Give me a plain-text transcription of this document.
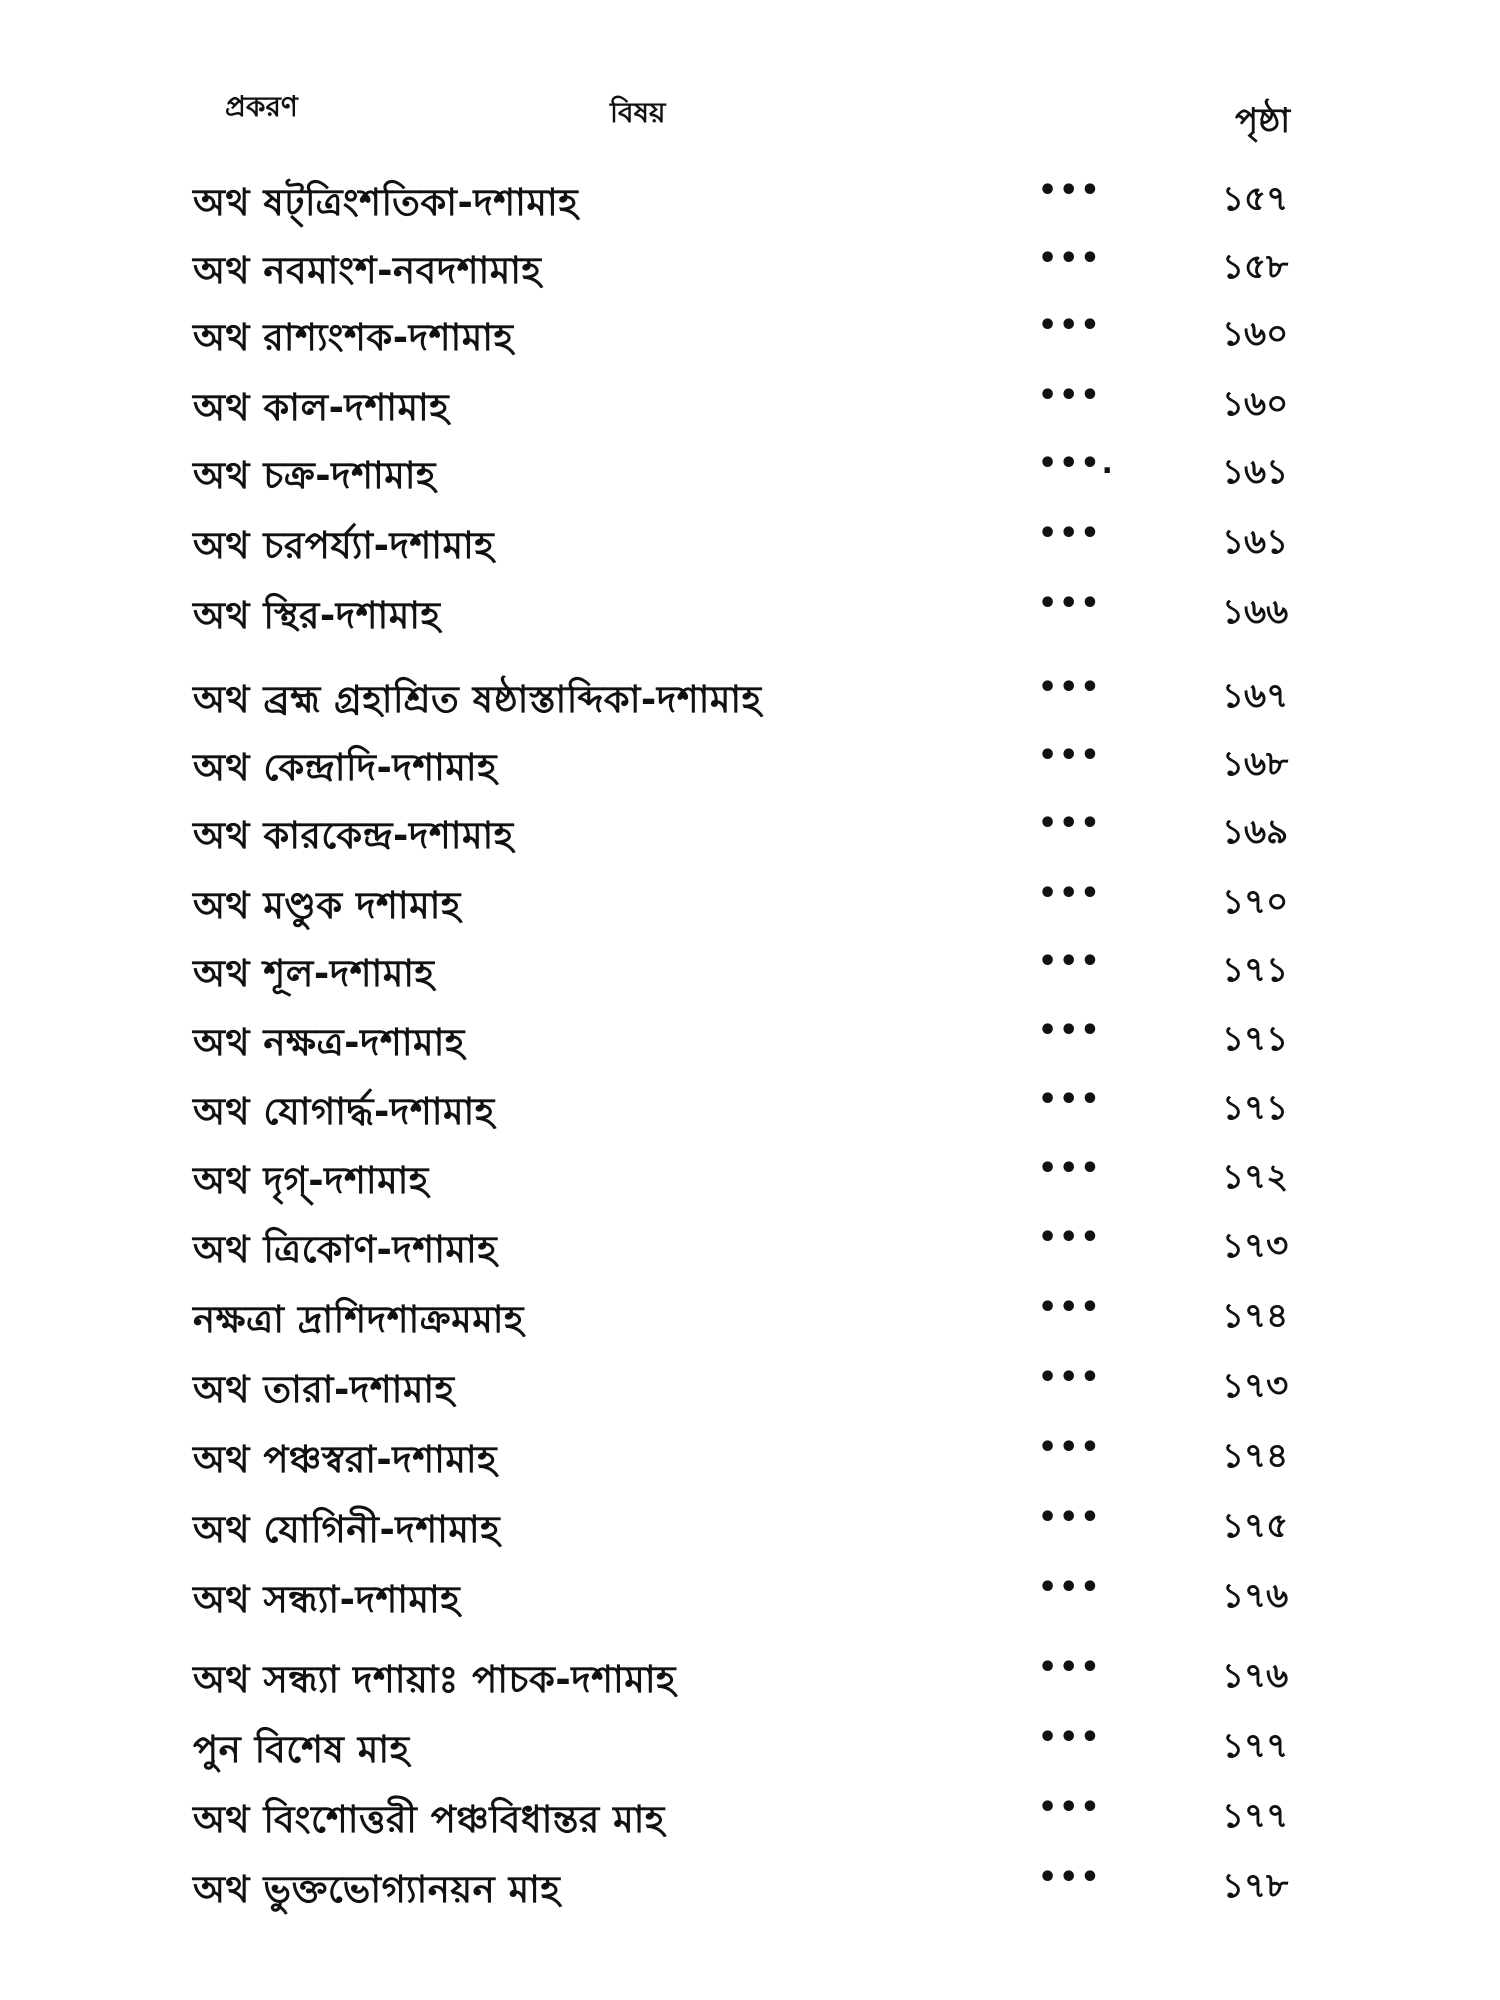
প্রকরণ	বিষয়	পৃষ্ঠা
অথ ষট্‌ত্রিংশতিকা-দশামাহ	•••	১৫৭
অথ নবমাংশ-নবদশামাহ	•••	১৫৮
অথ রাশ্যংশক-দশামাহ	•••	১৬০
অথ কাল-দশামাহ	•••	১৬০
অথ চক্র-দশামাহ	•••.	১৬১
অথ চরপর্য্যা-দশামাহ	•••	১৬১
অথ স্থির-দশামাহ	•••	১৬৬
অথ ব্রহ্ম গ্রহাশ্রিত ষষ্ঠাস্তাব্দিকা-দশামাহ	•••	১৬৭
অথ কেন্দ্রাদি-দশামাহ	•••	১৬৮
অথ কারকেন্দ্র-দশামাহ	•••	১৬৯
অথ মণ্ডুক দশামাহ	•••	১৭০
অথ শূল-দশামাহ	•••	১৭১
অথ নক্ষত্র-দশামাহ	•••	১৭১
অথ যোগার্দ্ধ-দশামাহ	•••	১৭১
অথ দৃগ্‌-দশামাহ	•••	১৭২
অথ ত্রিকোণ-দশামাহ	•••	১৭৩
নক্ষত্রা দ্রাশিদশাক্রমমাহ	•••	১৭৪
অথ তারা-দশামাহ	•••	১৭৩
অথ পঞ্চস্বরা-দশামাহ	•••	১৭৪
অথ যোগিনী-দশামাহ	•••	১৭৫
অথ সন্ধ্যা-দশামাহ	•••	১৭৬
অথ সন্ধ্যা দশায়াঃ পাচক-দশামাহ	•••	১৭৬
পুন বিশেষ মাহ	•••	১৭৭
অথ বিংশোত্তরী পঞ্চবিধান্তর মাহ	•••	১৭৭
অথ ভুক্তভোগ্যানয়ন মাহ	•••	১৭৮
